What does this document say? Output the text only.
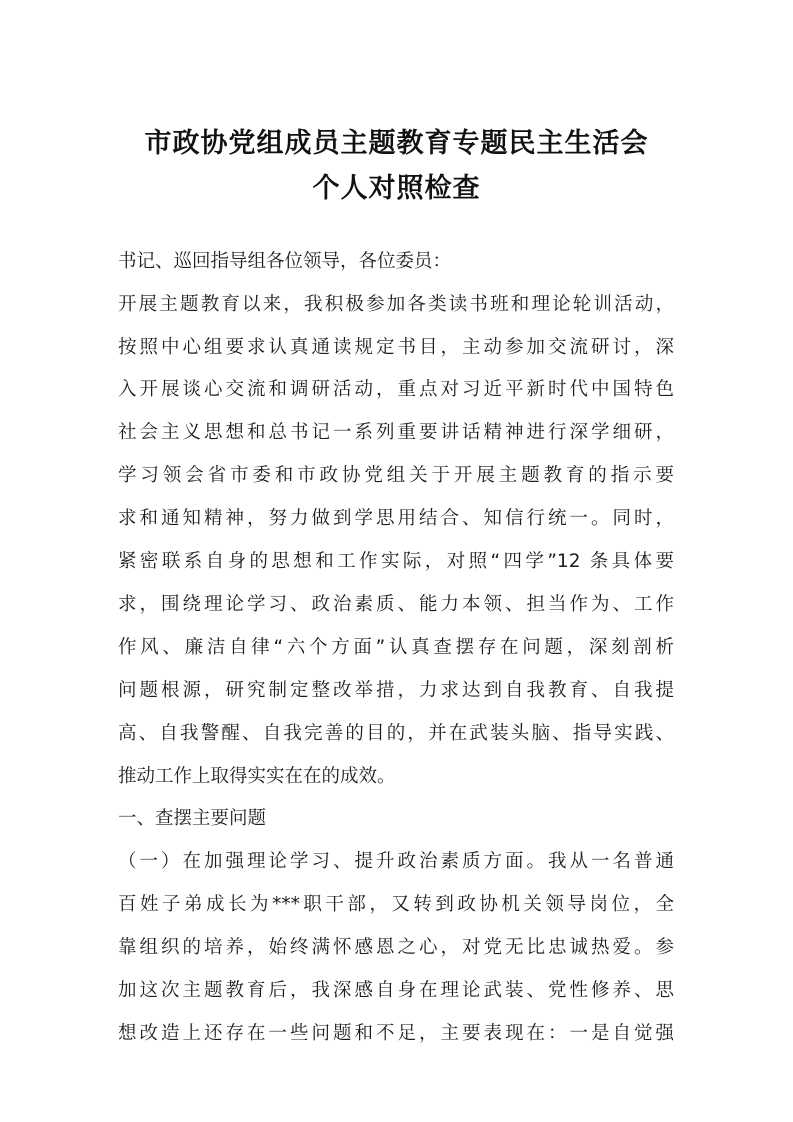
市政协党组成员主题教育专题民主生活会
个人对照检查
书记、巡回指导组各位领导，各位委员：
开展主题教育以来，我积极参加各类读书班和理论轮训活动，
按照中心组要求认真通读规定书目，主动参加交流研讨，深
入开展谈心交流和调研活动，重点对习近平新时代中国特色
社会主义思想和总书记一系列重要讲话精神进行深学细研，
学习领会省市委和市政协党组关于开展主题教育的指示要
求和通知精神，努力做到学思用结合、知信行统一。同时，
紧密联系自身的思想和工作实际，对照“四学”12 条具体要
求，围绕理论学习、政治素质、能力本领、担当作为、工作
作风、廉洁自律“六个方面”认真查摆存在问题，深刻剖析
问题根源，研究制定整改举措，力求达到自我教育、自我提
高、自我警醒、自我完善的目的，并在武装头脑、指导实践、
推动工作上取得实实在在的成效。
一、查摆主要问题
（一）在加强理论学习、提升政治素质方面。我从一名普通
百姓子弟成长为***职干部，又转到政协机关领导岗位，全
靠组织的培养，始终满怀感恩之心，对党无比忠诚热爱。参
加这次主题教育后，我深感自身在理论武装、党性修养、思
想改造上还存在一些问题和不足，主要表现在：一是自觉强
